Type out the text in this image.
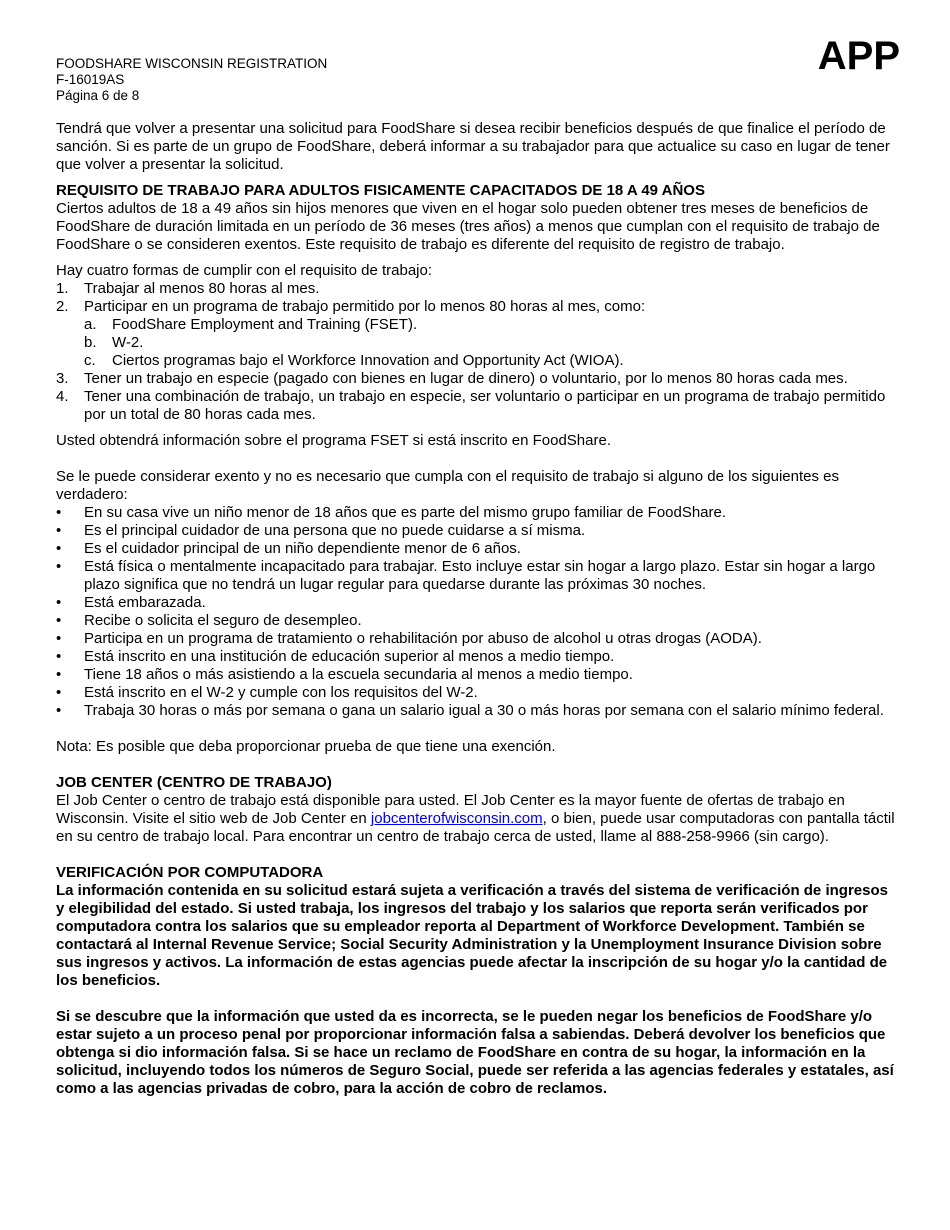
FOODSHARE WISCONSIN REGISTRATION
F-16019AS
Página 6 de 8
APP

Tendrá que volver a presentar una solicitud para FoodShare si desea recibir beneficios después de que finalice el período de sanción. Si es parte de un grupo de FoodShare, deberá informar a su trabajador para que actualice su caso en lugar de tener que volver a presentar la solicitud.

REQUISITO DE TRABAJO PARA ADULTOS FISICAMENTE CAPACITADOS DE 18 A 49 AÑOS

Ciertos adultos de 18 a 49 años sin hijos menores que viven en el hogar solo pueden obtener tres meses de beneficios de FoodShare de duración limitada en un período de 36 meses (tres años) a menos que cumplan con el requisito de trabajo de FoodShare o se consideren exentos. Este requisito de trabajo es diferente del requisito de registro de trabajo.

Hay cuatro formas de cumplir con el requisito de trabajo:

1.	Trabajar al menos 80 horas al mes.
2.	Participar en un programa de trabajo permitido por lo menos 80 horas al mes, como:
a.	FoodShare Employment and Training (FSET).
b.	W-2.
c.	Ciertos programas bajo el Workforce Innovation and Opportunity Act (WIOA).
3.	Tener un trabajo en especie (pagado con bienes en lugar de dinero) o voluntario, por lo menos 80 horas cada mes.
4.	Tener una combinación de trabajo, un trabajo en especie, ser voluntario o participar en un programa de trabajo permitido por un total de 80 horas cada mes.

Usted obtendrá información sobre el programa FSET si está inscrito en FoodShare.

Se le puede considerar exento y no es necesario que cumpla con el requisito de trabajo si alguno de los siguientes es verdadero:

•	En su casa vive un niño menor de 18 años que es parte del mismo grupo familiar de FoodShare.
•	Es el principal cuidador de una persona que no puede cuidarse a sí misma.
•	Es el cuidador principal de un niño dependiente menor de 6 años.
•	Está física o mentalmente incapacitado para trabajar. Esto incluye estar sin hogar a largo plazo. Estar sin hogar a largo plazo significa que no tendrá un lugar regular para quedarse durante las próximas 30 noches.
•	Está embarazada.
•	Recibe o solicita el seguro de desempleo.
•	Participa en un programa de tratamiento o rehabilitación por abuso de alcohol u otras drogas (AODA).
•	Está inscrito en una institución de educación superior al menos a medio tiempo.
•	Tiene 18 años o más asistiendo a la escuela secundaria al menos a medio tiempo.
•	Está inscrito en el W-2 y cumple con los requisitos del W-2.
•	Trabaja 30 horas o más por semana o gana un salario igual a 30 o más horas por semana con el salario mínimo federal.

Nota: Es posible que deba proporcionar prueba de que tiene una exención.

JOB CENTER (CENTRO DE TRABAJO)

El Job Center o centro de trabajo está disponible para usted. El Job Center es la mayor fuente de ofertas de trabajo en Wisconsin. Visite el sitio web de Job Center en jobcenterofwisconsin.com, o bien, puede usar computadoras con pantalla táctil en su centro de trabajo local. Para encontrar un centro de trabajo cerca de usted, llame al 888-258-9966 (sin cargo).

VERIFICACIÓN POR COMPUTADORA

La información contenida en su solicitud estará sujeta a verificación a través del sistema de verificación de ingresos y elegibilidad del estado. Si usted trabaja, los ingresos del trabajo y los salarios que reporta serán verificados por computadora contra los salarios que su empleador reporta al Department of Workforce Development. También se contactará al Internal Revenue Service; Social Security Administration y la Unemployment Insurance Division sobre sus ingresos y activos. La información de estas agencias puede afectar la inscripción de su hogar y/o la cantidad de los beneficios.

Si se descubre que la información que usted da es incorrecta, se le pueden negar los beneficios de FoodShare y/o estar sujeto a un proceso penal por proporcionar información falsa a sabiendas. Deberá devolver los beneficios que obtenga si dio información falsa. Si se hace un reclamo de FoodShare en contra de su hogar, la información en la solicitud, incluyendo todos los números de Seguro Social, puede ser referida a las agencias federales y estatales, así como a las agencias privadas de cobro, para la acción de cobro de reclamos.
